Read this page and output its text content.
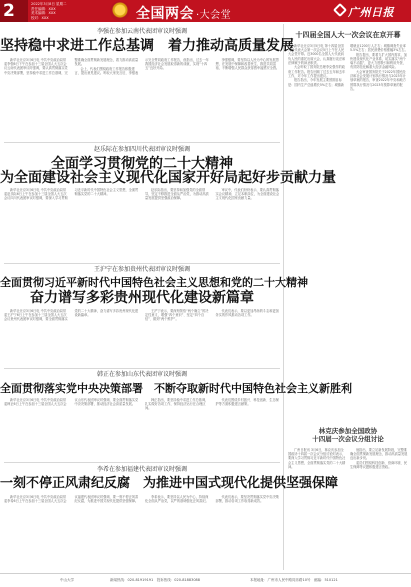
2	2022年3月8日 星期二
责任编辑：XXX
美术编辑：XXX
校对：XXX	全国两会 ·大会堂	广州日报
李强在参加云南代表团审议时强调
坚持稳中求进工作总基调　着力推动高质量发展

新华社北京3月6日电 中共中央政治局常委李强6日下午在参加十三届全国人大五次会议云南代表团审议时强调，要认真贯彻落实党中央决策部署，坚持稳中求进工作总基调，完整准确全面贯彻新发展理念，着力推动高质量发展。

会上，代表们围绕政府工作报告积极建言，提出意见建议。听取大家发言后，李强表示完全赞同政府工作报告，他指出，过去一年我国经济社会发展取得新的成就，实现“十四五”良好开局。

李强强调，要坚持以人民为中心的发展思想，在发展中保障和改善民生，推进共同富裕，不断增强人民群众获得感幸福感安全感。

赵乐际在参加四川代表团审议时强调
全面学习贯彻党的二十大精神
为全面建设社会主义现代化国家开好局起好步贡献力量

新华社北京3月6日电 中共中央政治局常委赵乐际6日上午在参加十三届全国人大五次会议四川代表团审议时强调，要深入学习贯彻习近平新时代中国特色社会主义思想，全面贯彻落实党的二十大精神。

赵乐际指出，要坚持和加强党的全面领导，坚定不移推进全面从严治党，为推动高质量发展提供坚强政治保障。

审议中，代表们纷纷表示，要认真贯彻落实会议精神，立足本职岗位，为全面建设社会主义现代化国家贡献力量。

王沪宁在参加贵州代表团审议时强调
全面贯彻习近平新时代中国特色社会主义思想和党的二十大精神
奋力谱写多彩贵州现代化建设新篇章

新华社北京3月6日电 中共中央政治局常委王沪宁6日上午在参加十三届全国人大五次会议贵州代表团审议时强调，要全面贯彻落实党的二十大精神，奋力谱写多彩贵州现代化建设新篇章。

王沪宁表示，要深刻领悟“两个确立”的决定性意义，增强“四个意识”、坚定“四个自信”、做到“两个维护”。

代表们表示，要以更加昂扬的斗志和更加务实的作风推动各项工作。

韩正在参加山东代表团审议时强调
全面贯彻落实党中央决策部署　不断夺取新时代中国特色社会主义新胜利

新华社北京3月6日电 中共中央政治局常委韩正6日上午在参加十三届全国人大五次会议山东代表团审议时强调，要全面贯彻落实党中央决策部署，推动经济社会高质量发展。

韩正指出，要坚持稳中求进工作总基调，扎实做好各项工作，保持经济运行在合理区间。

代表们围绕乡村振兴、科技创新、生态保护等方面积极建言献策。

李希在参加福建代表团审议时强调
一刻不停正风肃纪反腐　为推进中国式现代化提供坚强保障

新华社北京3月6日电 中共中央政治局常委李希6日上午在参加十三届全国人大五次会议福建代表团审议时强调，要一刻不停正风肃纪反腐，为推进中国式现代化提供坚强保障。

李希表示，要坚持以人民为中心，持续深化全面从严治党，以严的基调强化正风肃纪。

代表们表示，要坚决贯彻落实党中央决策部署，推动各项工作取得新成效。

十四届全国人大一次会议在京开幕

新华社北京3月5日电 第十四届全国人民代表大会第一次会议5日上午在人民大会堂开幕。近3000名全国人大代表肩负人民的重托出席大会，认真履行宪法和法律赋予的神圣职责。

大会听取了国务院总理李克强作的政府工作报告。报告回顾了过去五年和去年工作，对今年工作提出建议。

报告指出，今年发展主要预期目标是：国内生产总值增长5%左右；城镇新增就业1200万人左右；城镇调查失业率5.5%左右；居民消费价格涨幅3%左右。

报告提出，要着力扩大国内需求，加快建设现代化产业体系，切实落实“两个毫不动摇”，更大力度吸引和利用外资，有效防范化解重大经济金融风险。

大会审查国务院关于2022年国民经济和社会发展计划执行情况与2023年计划草案的报告，审查2022年中央和地方预算执行情况与2023年预算草案的报告。

林克庆参加全国政协
十四届一次会议分组讨论

广州日报讯 3月6日，林克庆参加全国政协十四届一次会议分组讨论时表示，要深入学习贯彻习近平新时代中国特色社会主义思想，全面贯彻落实党的二十大精神。

他指出，要立足新发展阶段，完整准确全面贯彻新发展理念，推动高质量发展迈出新步伐。

委员们围绕科技创新、营商环境、民生保障等议题积极建言资政。

中山大学	新闻热线：020-81919191　投诉热线：020-81883088	本报地址：广州市人民中路同乐路10号　邮编：510121
